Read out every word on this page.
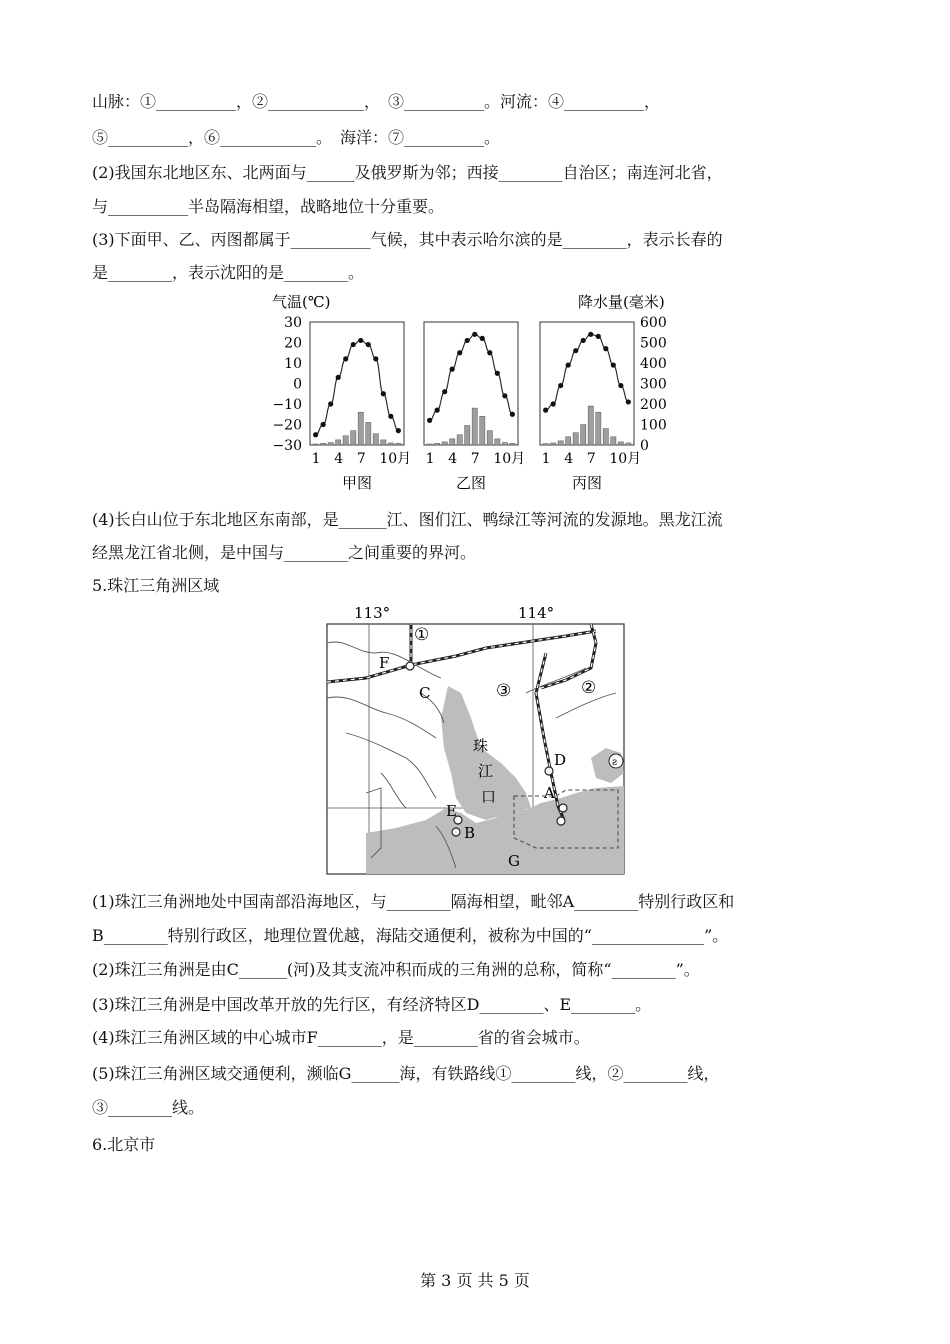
山脉：①__________，②____________，　③__________。河流：④__________，
⑤__________，⑥____________。　海洋：⑦__________。
(2)我国东北地区东、北两面与______及俄罗斯为邻；西接________自治区；南连河北省，
与__________半岛隔海相望，战略地位十分重要。
(3)下面甲、乙、丙图都属于__________气候，其中表示哈尔滨的是________，表示长春的
是________，表示沈阳的是________。
气温(℃)	降水量(毫米)
30
20
10
0
−10
−20
−30
600
500
400
300
200
100
0
1 4 7 10月
甲图
1 4 7 10月
乙图
1 4 7 10月
丙图
(4)长白山位于东北地区东南部，是______江、图们江、鸭绿江等河流的发源地。黑龙江流
经黑龙江省北侧，是中国与________之间重要的界河。
5.珠江三角洲区域
113°	114°
ƨ
F
C
D
A
E
B
G
珠
江
口
①
②
③
(1)珠江三角洲地处中国南部沿海地区，与________隔海相望，毗邻A________特别行政区和
B________特别行政区，地理位置优越，海陆交通便利，被称为中国的“______________”。
(2)珠江三角洲是由C______(河)及其支流冲积而成的三角洲的总称，简称“________”。
(3)珠江三角洲是中国改革开放的先行区，有经济特区D________、E________。
(4)珠江三角洲区域的中心城市F________，是________省的省会城市。
(5)珠江三角洲区域交通便利，濒临G______海，有铁路线①________线，②________线，
③________线。
6.北京市
第 3 页 共 5 页
